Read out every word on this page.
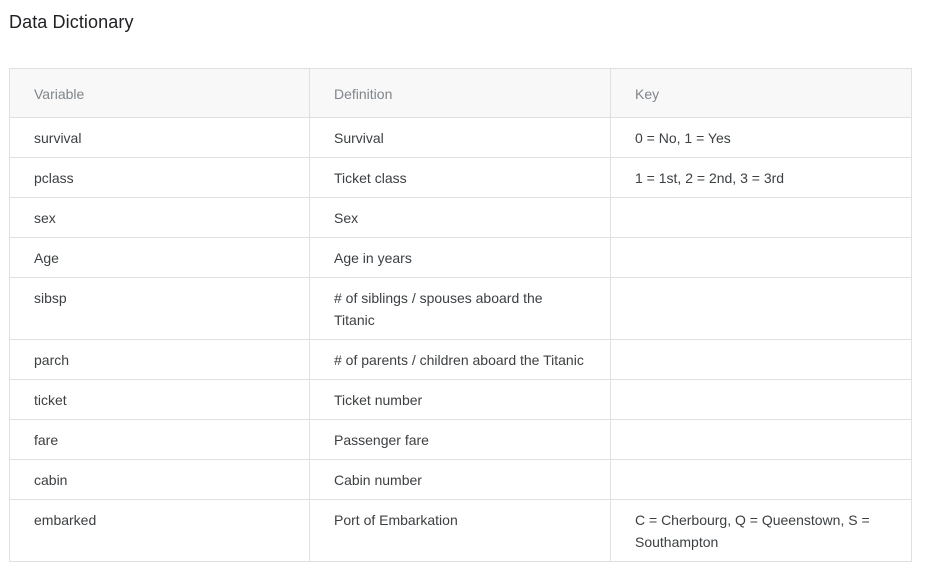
Data Dictionary
Variable	Definition	Key
survival	Survival	0 = No, 1 = Yes
pclass	Ticket class	1 = 1st, 2 = 2nd, 3 = 3rd
sex	Sex	
Age	Age in years	
sibsp	# of siblings / spouses aboard the Titanic	
parch	# of parents / children aboard the Titanic	
ticket	Ticket number	
fare	Passenger fare	
cabin	Cabin number	
embarked	Port of Embarkation	C = Cherbourg, Q = Queenstown, S = Southampton
